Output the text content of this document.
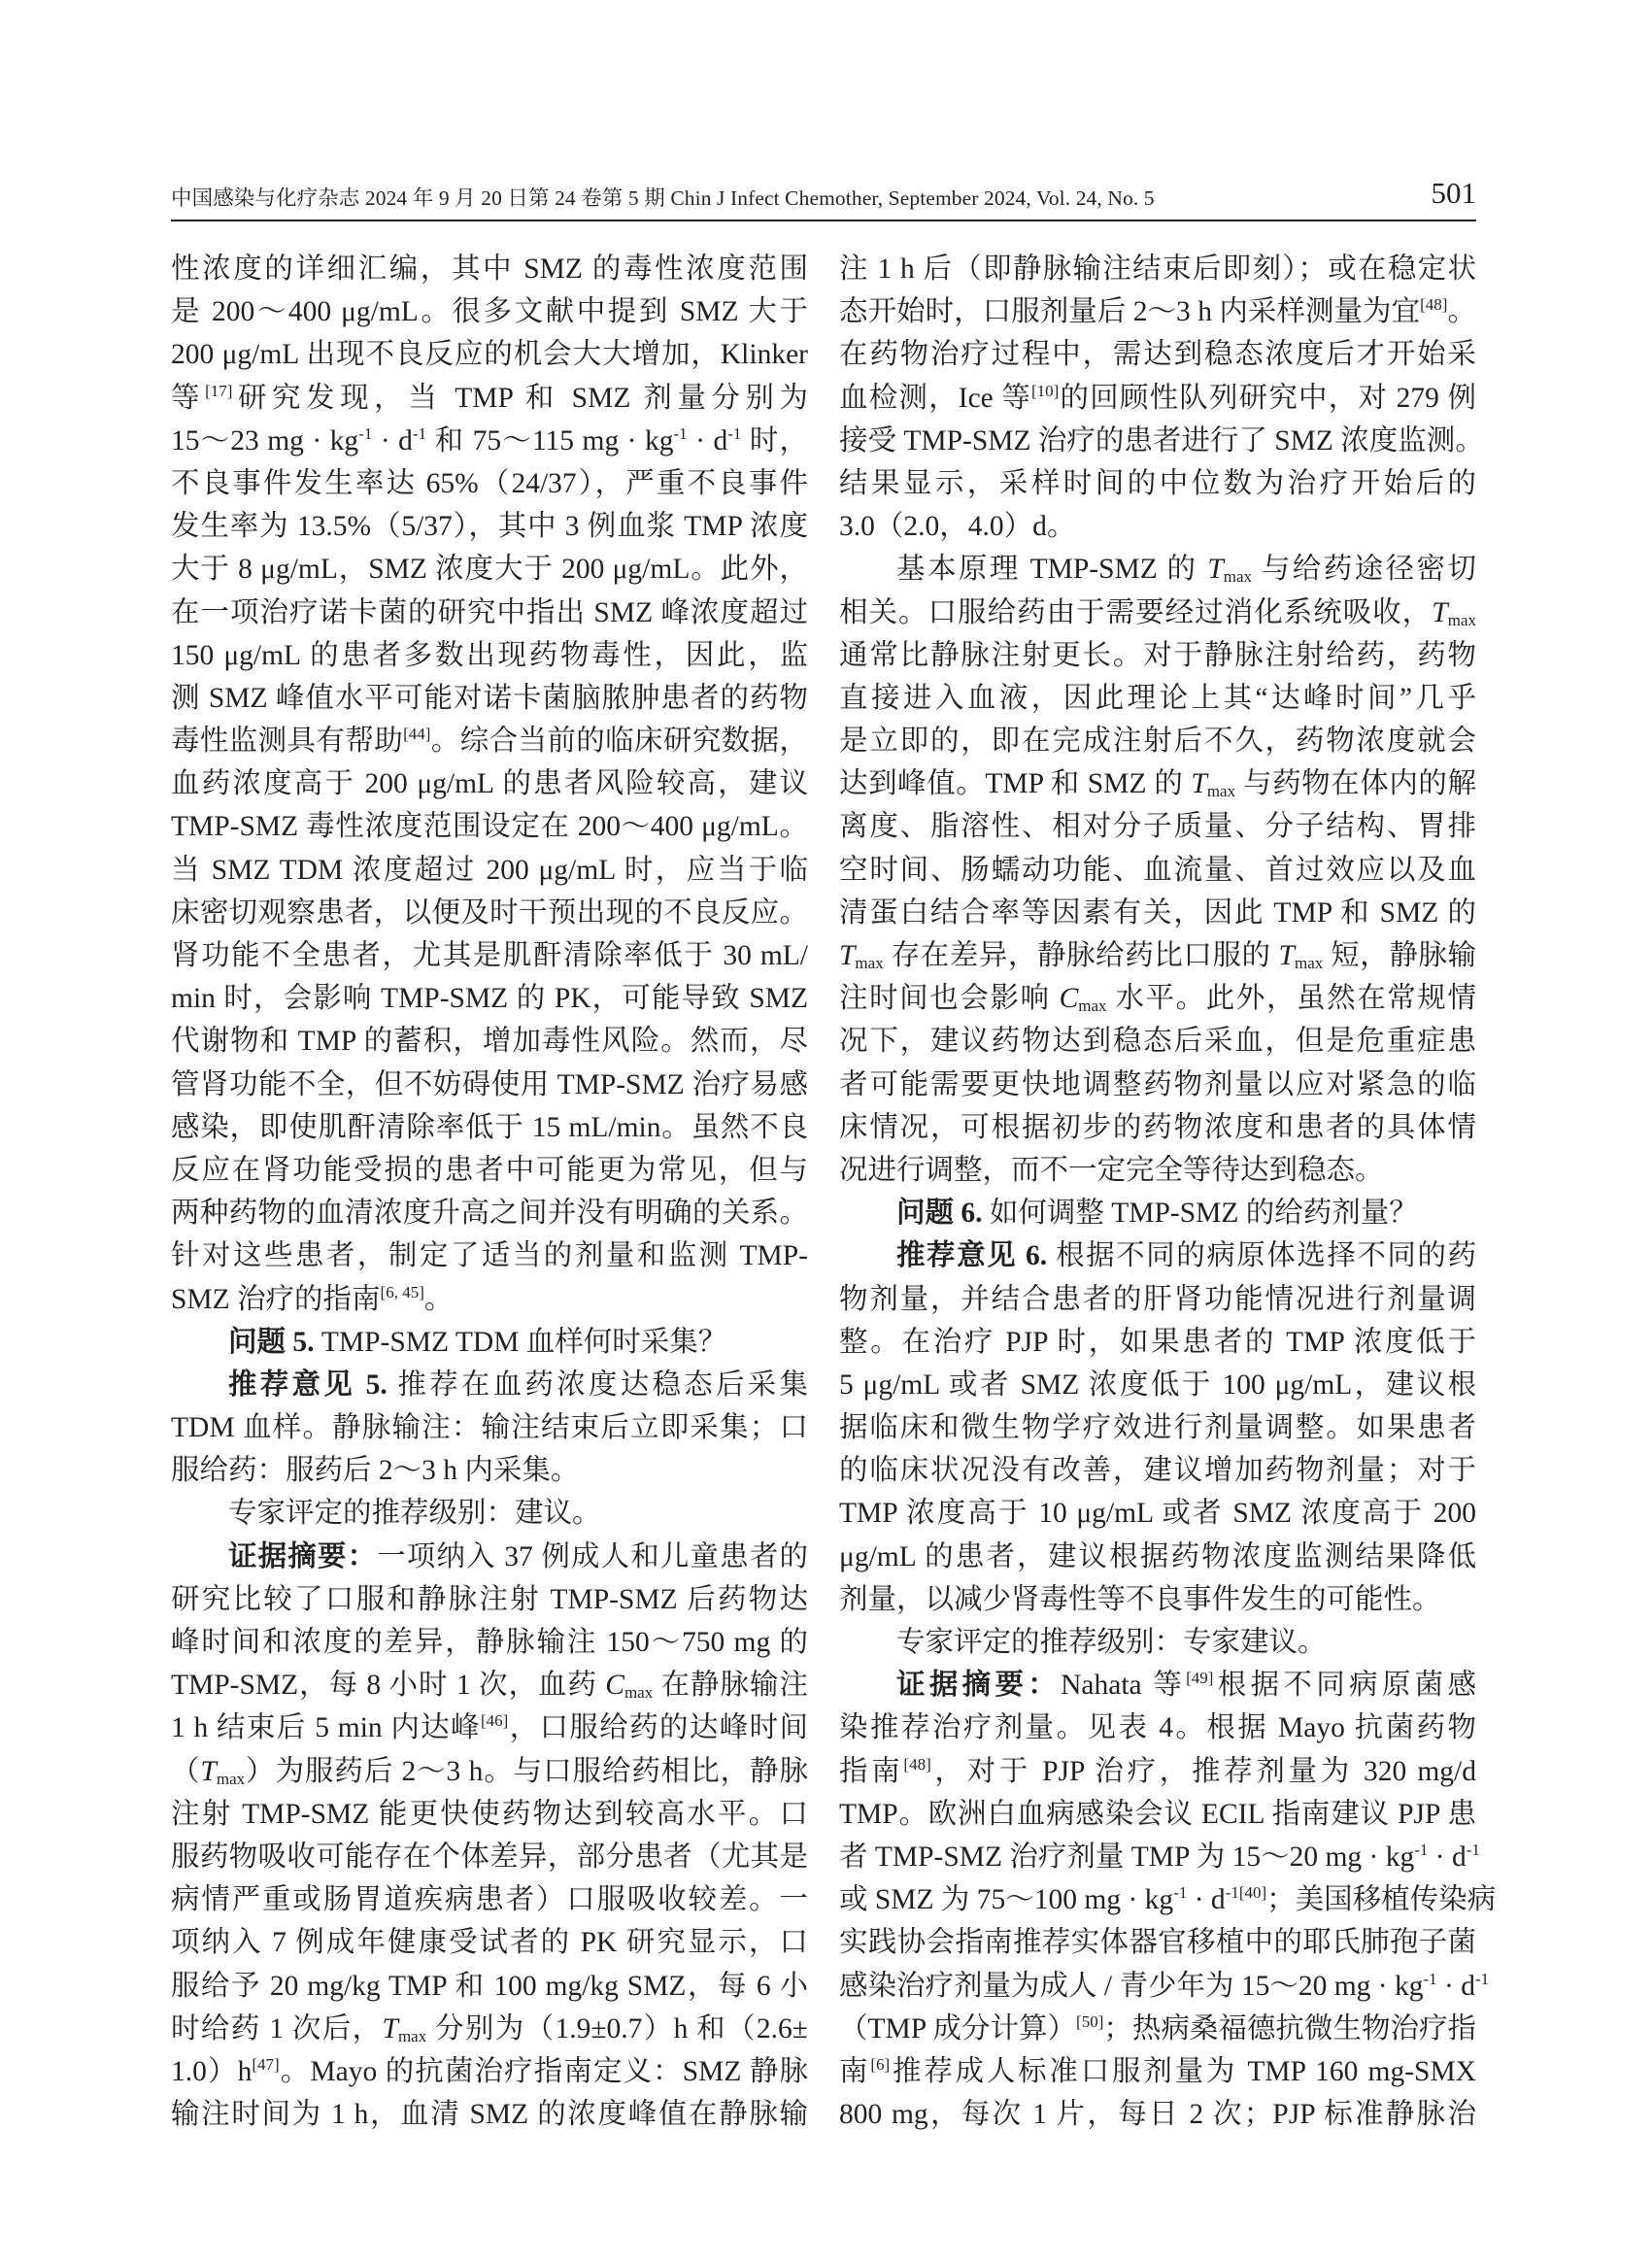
中国感染与化疗杂志 2024 年 9 月 20 日第 24 卷第 5 期 Chin J Infect Chemother, September 2024, Vol. 24, No. 5	501
性浓度的详细汇编，其中 SMZ 的毒性浓度范围
是 200～400 μg/mL。很多文献中提到 SMZ 大于
200 μg/mL 出现不良反应的机会大大增加，Klinker
等[17]研究发现，当 TMP 和 SMZ 剂量分别为
15～23 mg · $kg^{-1} \cdot d^{-1}$ 和 75～115 mg · $kg^{-1} \cdot d^{-1}$ 时，
不良事件发生率达 65%（24/37），严重不良事件
发生率为 13.5%（5/37），其中 3 例血浆 TMP 浓度
大于 8 μg/mL，SMZ 浓度大于 200 μg/mL。此外，
在一项治疗诺卡菌的研究中指出 SMZ 峰浓度超过
150 μg/mL 的患者多数出现药物毒性，因此，监
测 SMZ 峰值水平可能对诺卡菌脑脓肿患者的药物
毒性监测具有帮助[44]。综合当前的临床研究数据，
血药浓度高于 200 μg/mL 的患者风险较高，建议
TMP-SMZ 毒性浓度范围设定在 200～400 μg/mL。
当 SMZ TDM 浓度超过 200 μg/mL 时，应当于临
床密切观察患者，以便及时干预出现的不良反应。
肾功能不全患者，尤其是肌酐清除率低于 30 mL/
min 时，会影响 TMP-SMZ 的 PK，可能导致 SMZ
代谢物和 TMP 的蓄积，增加毒性风险。然而，尽
管肾功能不全，但不妨碍使用 TMP-SMZ 治疗易感
感染，即使肌酐清除率低于 15 mL/min。虽然不良
反应在肾功能受损的患者中可能更为常见，但与
两种药物的血清浓度升高之间并没有明确的关系。
针对这些患者，制定了适当的剂量和监测 TMP-
SMZ 治疗的指南[6, 45]。
问题 5. TMP-SMZ TDM 血样何时采集？
推荐意见 5. 推荐在血药浓度达稳态后采集
TDM 血样。静脉输注：输注结束后立即采集；口
服给药：服药后 2～3 h 内采集。
专家评定的推荐级别：建议。
证据摘要：一项纳入 37 例成人和儿童患者的
研究比较了口服和静脉注射 TMP-SMZ 后药物达
峰时间和浓度的差异，静脉输注 150～750 mg 的
TMP-SMZ，每 8 小时 1 次，血药 $C_{max}$ 在静脉输注
1 h 结束后 5 min 内达峰[46]，口服给药的达峰时间
$(T_{max})$为服药后 2～3 h。与口服给药相比，静脉
注射 TMP-SMZ 能更快使药物达到较高水平。口
服药物吸收可能存在个体差异，部分患者（尤其是
病情严重或肠胃道疾病患者）口服吸收较差。一
项纳入 7 例成年健康受试者的 PK 研究显示，口
服给予 20 mg/kg TMP 和 100 mg/kg SMZ，每 6 小
时给药 1 次后，$T_{max}$ 分别为（1.9±0.7）h 和（2.6±
1.0）h[47]。Mayo 的抗菌治疗指南定义：SMZ 静脉
输注时间为 1 h，血清 SMZ 的浓度峰值在静脉输
注 1 h 后（即静脉输注结束后即刻）；或在稳定状
态开始时，口服剂量后 2～3 h 内采样测量为宜[48]。
在药物治疗过程中，需达到稳态浓度后才开始采
血检测，Ice 等[10]的回顾性队列研究中，对 279 例
接受 TMP-SMZ 治疗的患者进行了 SMZ 浓度监测。
结果显示，采样时间的中位数为治疗开始后的
3.0（2.0，4.0）d。
基本原理 TMP-SMZ 的 $T_{max}$ 与给药途径密切
相关。口服给药由于需要经过消化系统吸收，$T_{max}$
通常比静脉注射更长。对于静脉注射给药，药物
直接进入血液，因此理论上其“达峰时间”几乎
是立即的，即在完成注射后不久，药物浓度就会
达到峰值。TMP 和 SMZ 的 $T_{max}$ 与药物在体内的解
离度、脂溶性、相对分子质量、分子结构、胃排
空时间、肠蠕动功能、血流量、首过效应以及血
清蛋白结合率等因素有关，因此 TMP 和 SMZ 的
$T_{max}$ 存在差异，静脉给药比口服的 $T_{max}$ 短，静脉输
注时间也会影响 $C_{max}$ 水平。此外，虽然在常规情
况下，建议药物达到稳态后采血，但是危重症患
者可能需要更快地调整药物剂量以应对紧急的临
床情况，可根据初步的药物浓度和患者的具体情
况进行调整，而不一定完全等待达到稳态。
问题 6. 如何调整 TMP-SMZ 的给药剂量？
推荐意见 6. 根据不同的病原体选择不同的药
物剂量，并结合患者的肝肾功能情况进行剂量调
整。在治疗 PJP 时，如果患者的 TMP 浓度低于
5 μg/mL 或者 SMZ 浓度低于 100 μg/mL，建议根
据临床和微生物学疗效进行剂量调整。如果患者
的临床状况没有改善，建议增加药物剂量；对于
TMP 浓度高于 10 μg/mL 或者 SMZ 浓度高于 200
μg/mL 的患者，建议根据药物浓度监测结果降低
剂量，以减少肾毒性等不良事件发生的可能性。
专家评定的推荐级别：专家建议。
证据摘要：Nahata 等[49]根据不同病原菌感
染推荐治疗剂量。见表 4。根据 Mayo 抗菌药物
指南[48]，对于 PJP 治疗，推荐剂量为 320 mg/d
TMP。欧洲白血病感染会议 ECIL 指南建议 PJP 患
者 TMP-SMZ 治疗剂量 TMP 为 15～20 mg · $kg^{-1} \cdot d^{-1}$
或 SMZ 为 75～100 mg · $kg^{-1} \cdot d^{-1[40]}$；美国移植传染病
实践协会指南推荐实体器官移植中的耶氏肺孢子菌
感染治疗剂量为成人 / 青少年为 15～20 mg · $kg^{-1} \cdot d^{-1}$
（TMP 成分计算）[50]；热病桑福德抗微生物治疗指
南[6]推荐成人标准口服剂量为 TMP 160 mg-SMX
800 mg，每次 1 片，每日 2 次；PJP 标准静脉治
